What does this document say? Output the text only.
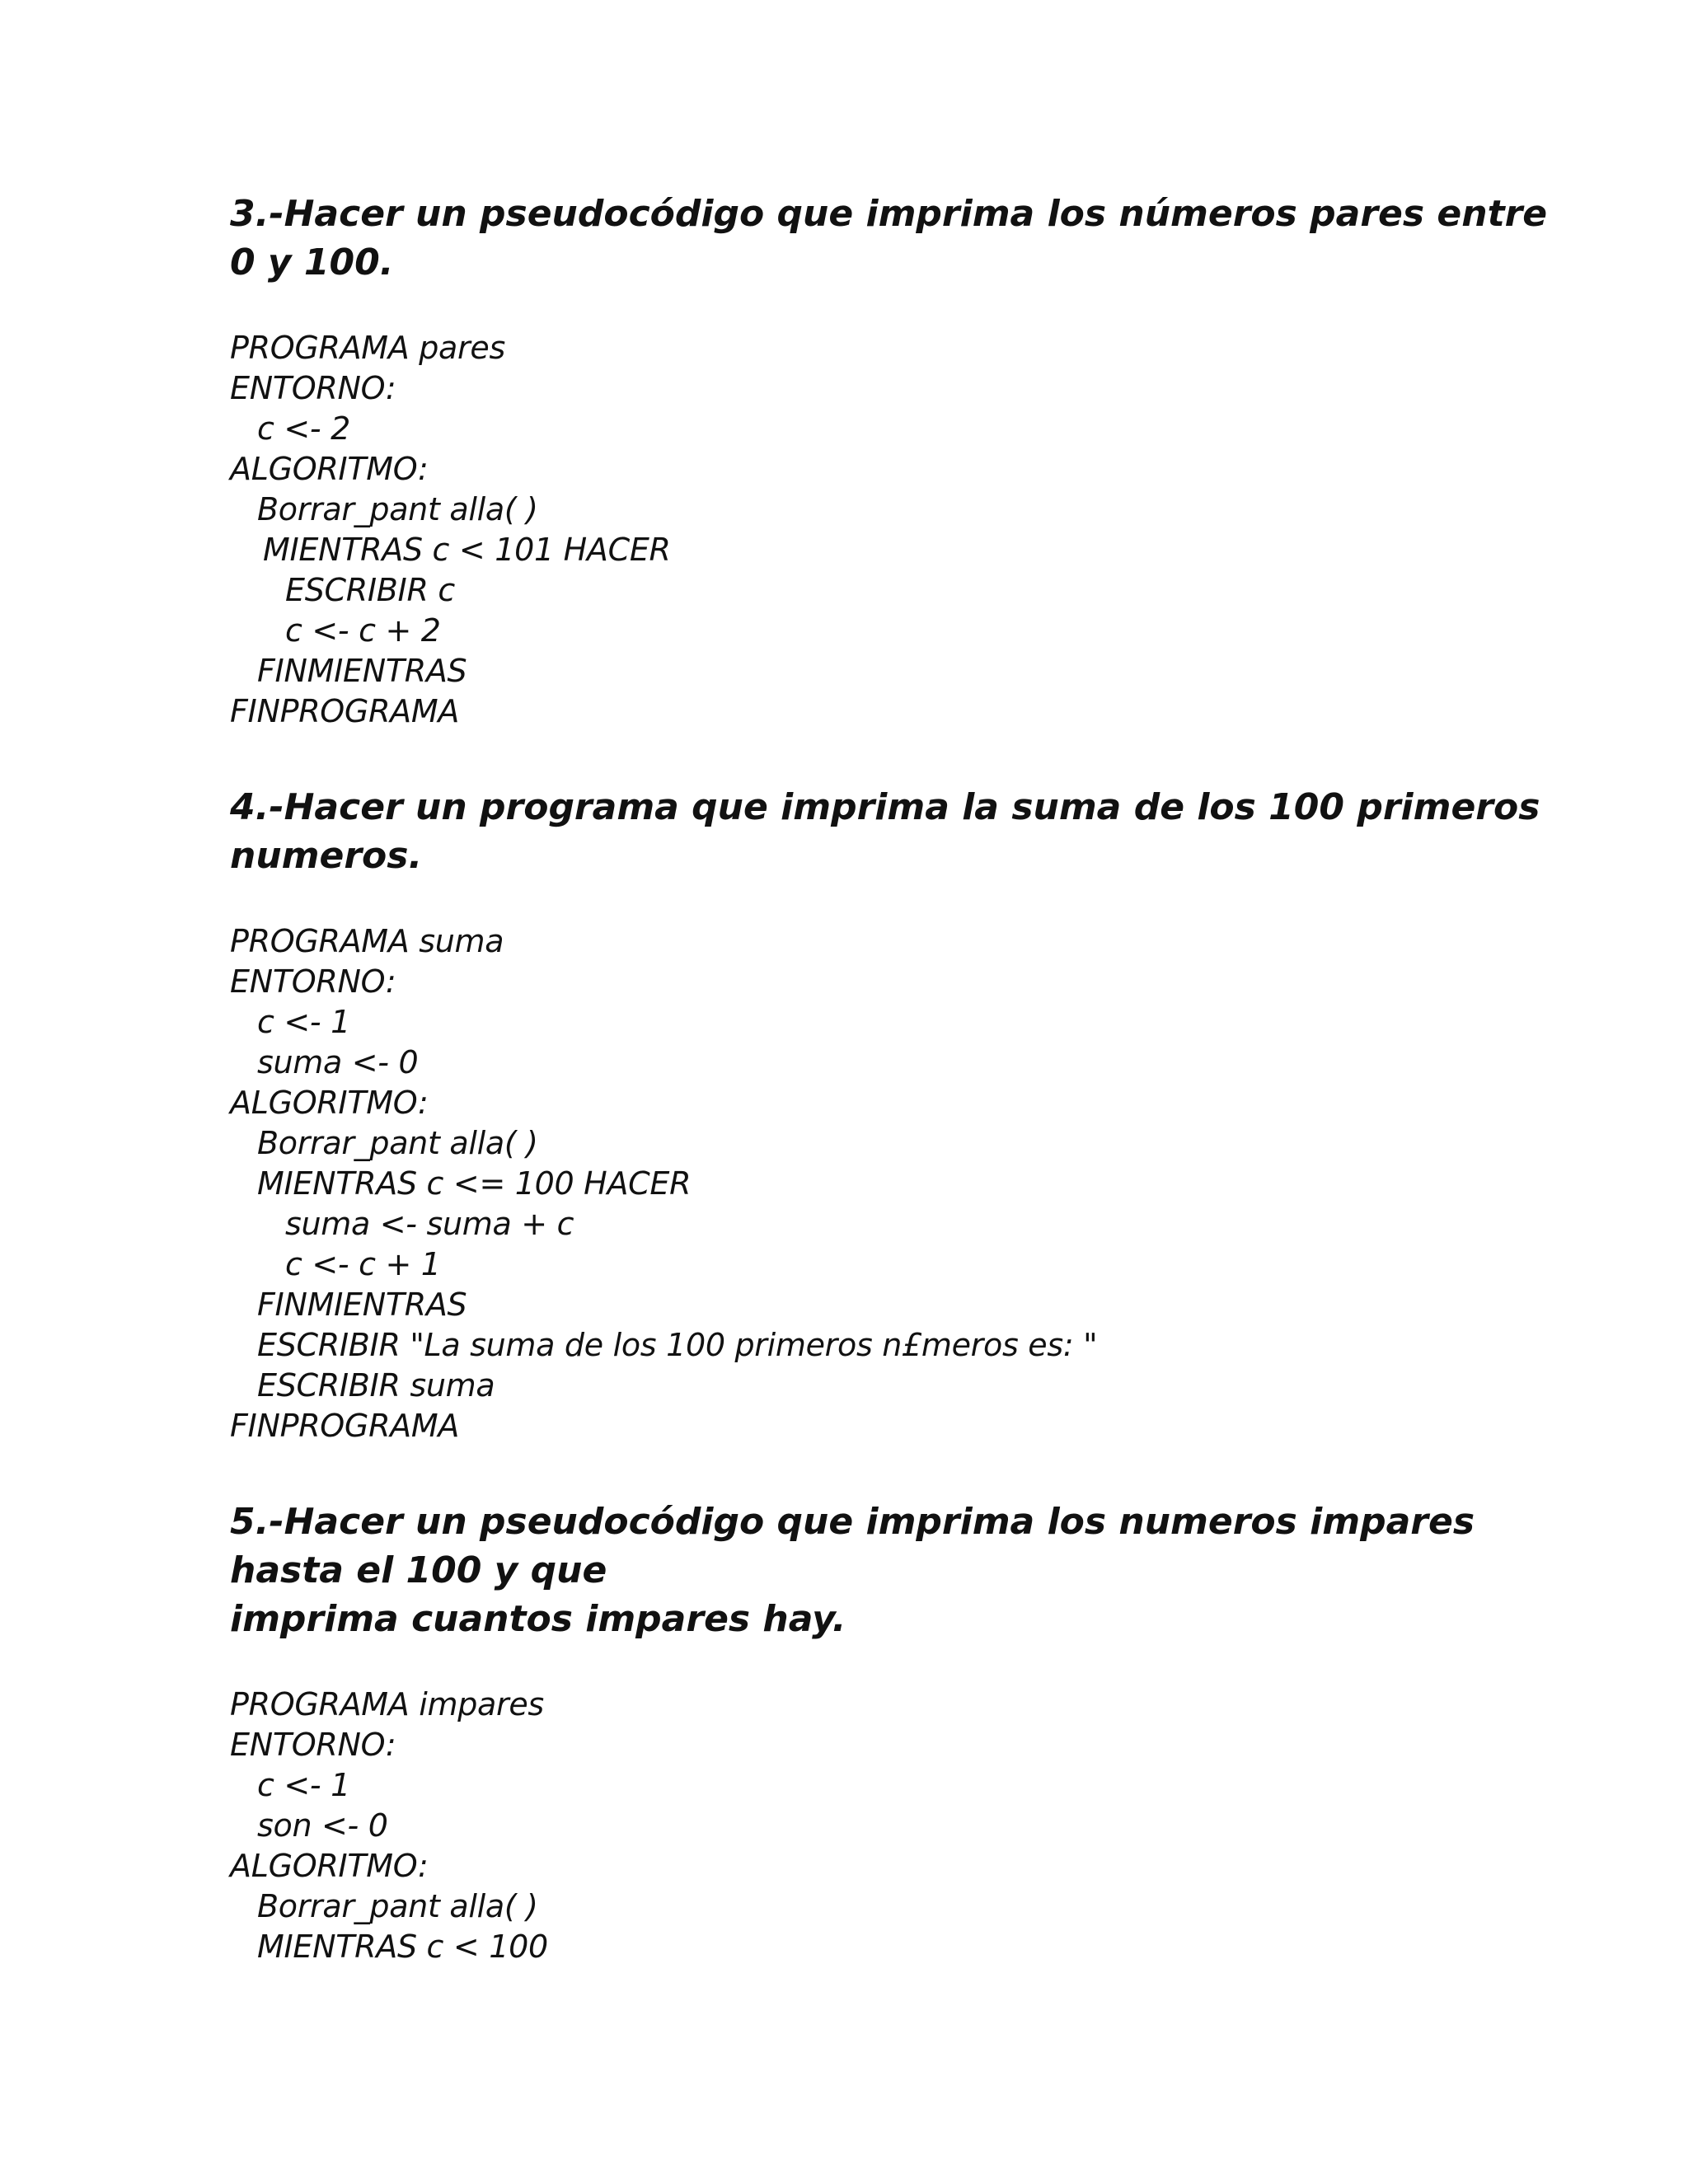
3.-Hacer un pseudocódigo que imprima los números pares entre
0 y 100.
PROGRAMA pares
ENTORNO:
c <- 2
ALGORITMO:
Borrar_pant alla( )
MIENTRAS c < 101 HACER
ESCRIBIR c
c <- c + 2
FINMIENTRAS
FINPROGRAMA
4.-Hacer un programa que imprima la suma de los 100 primeros
numeros.
PROGRAMA suma
ENTORNO:
c <- 1
suma <- 0
ALGORITMO:
Borrar_pant alla( )
MIENTRAS c <= 100 HACER
suma <- suma + c
c <- c + 1
FINMIENTRAS
ESCRIBIR "La suma de los 100 primeros n£meros es: "
ESCRIBIR suma
FINPROGRAMA
5.-Hacer un pseudocódigo que imprima los numeros impares
hasta el 100 y que
imprima cuantos impares hay.
PROGRAMA impares
ENTORNO:
c <- 1
son <- 0
ALGORITMO:
Borrar_pant alla( )
MIENTRAS c < 100
